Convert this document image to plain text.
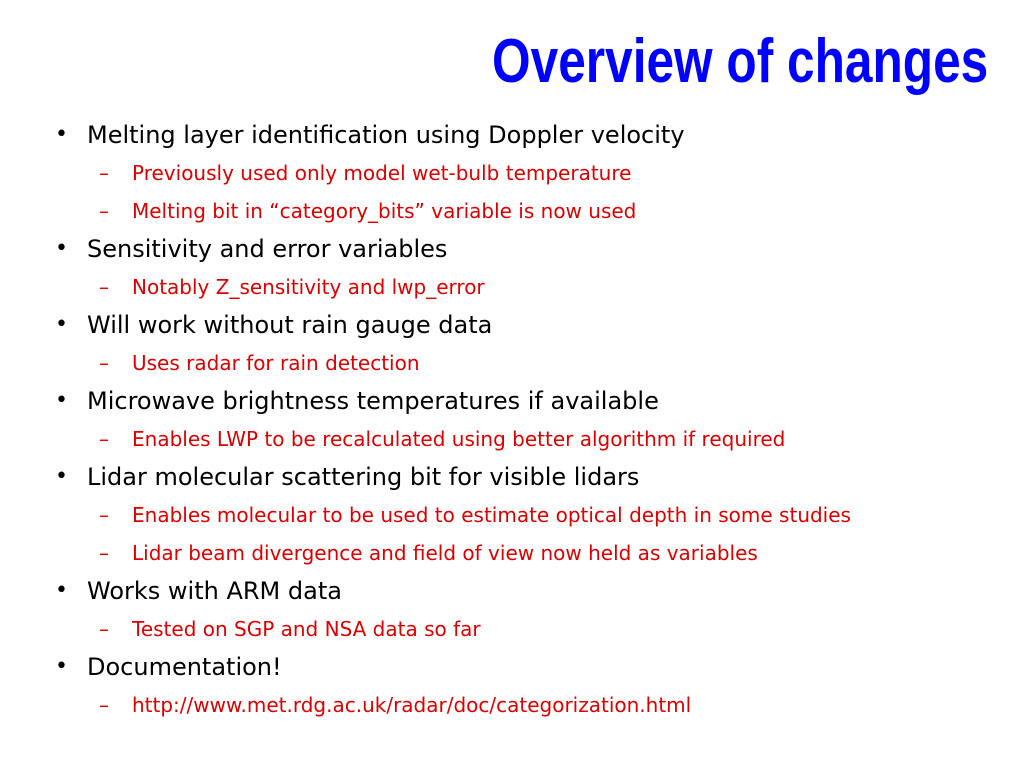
Overview of changes
• Melting layer identification using Doppler velocity
– Previously used only model wet-bulb temperature
– Melting bit in “category_bits” variable is now used
• Sensitivity and error variables
– Notably Z_sensitivity and lwp_error
• Will work without rain gauge data
– Uses radar for rain detection
• Microwave brightness temperatures if available
– Enables LWP to be recalculated using better algorithm if required
• Lidar molecular scattering bit for visible lidars
– Enables molecular to be used to estimate optical depth in some studies
– Lidar beam divergence and field of view now held as variables
• Works with ARM data
– Tested on SGP and NSA data so far
• Documentation!
– http://www.met.rdg.ac.uk/radar/doc/categorization.html
